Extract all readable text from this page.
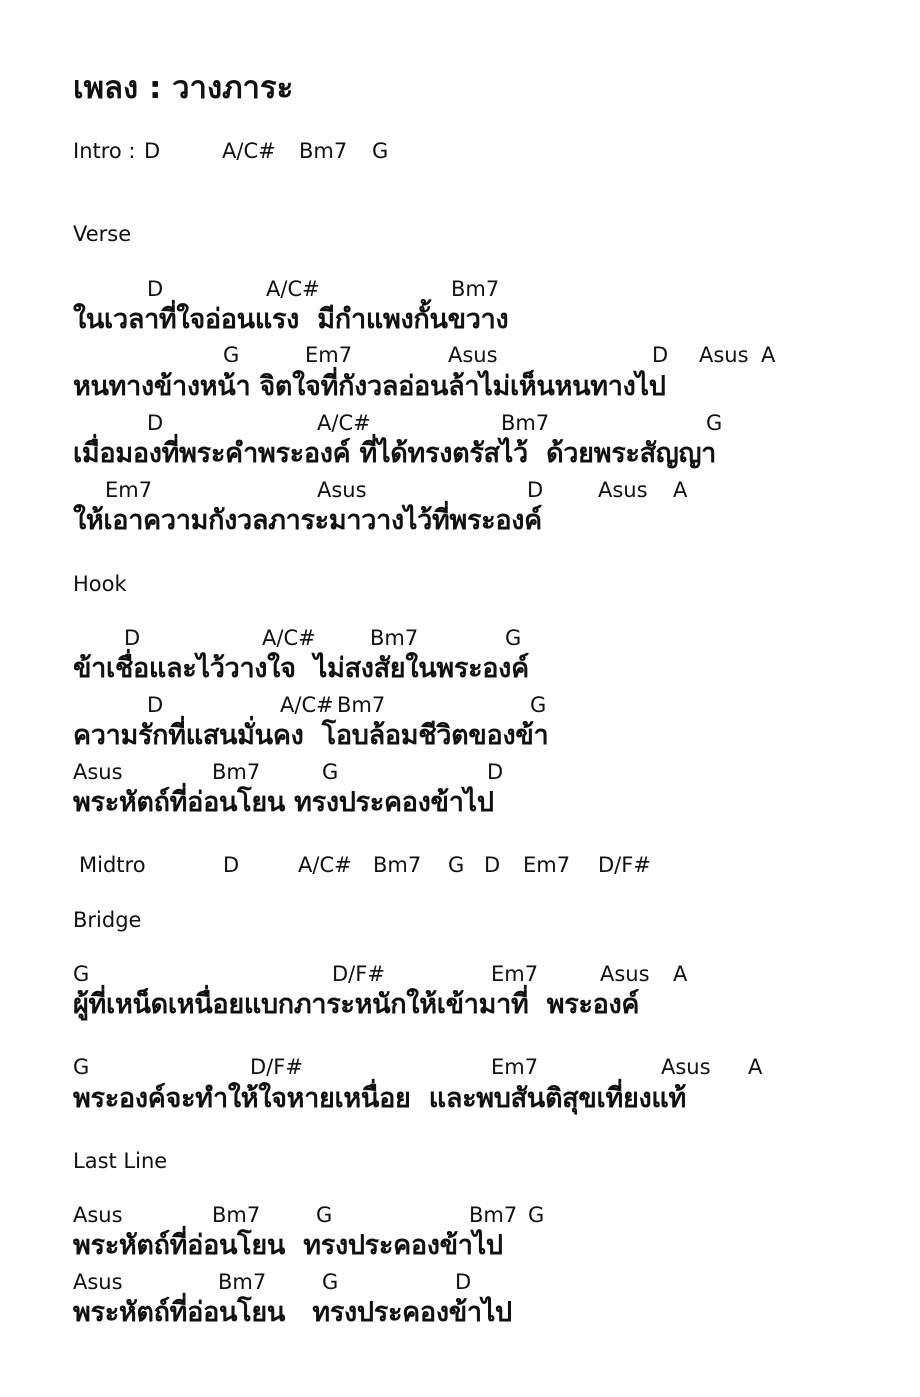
เพลง : วางภาระ
Intro : D	A/C# Bm7 G
Verse
D	A/C#	Bm7
ในเวลาที่ใจอ่อนแรง  มีกำแพงกั้นขวาง
G	Em7	Asus	D Asus A
หนทางข้างหน้า จิตใจที่กังวลอ่อนล้าไม่เห็นหนทางไป
D	A/C#	Bm7	G
เมื่อมองที่พระคำพระองค์ ที่ได้ทรงตรัสไว้  ด้วยพระสัญญา
Em7	Asus	D	Asus A
ให้เอาความกังวลภาระมาวางไว้ที่พระองค์
Hook
D	A/C#	Bm7	G
ข้าเชื่อและไว้วางใจ  ไม่สงสัยในพระองค์
D	A/C# Bm7	G
ความรักที่แสนมั่นคง  โอบล้อมชีวิตของข้า
Asus	Bm7	G	D
พระหัตถ์ที่อ่อนโยน ทรงประคองข้าไป
Midtro	D	A/C# Bm7 G D Em7 D/F#
Bridge
G	D/F#	Em7	Asus A
ผู้ที่เหน็ดเหนื่อยแบกภาระหนักให้เข้ามาที่  พระองค์
G	D/F#	Em7	Asus A
พระองค์จะทำให้ใจหายเหนื่อย  และพบสันติสุขเที่ยงแท้
Last Line
Asus	Bm7	G	Bm7 G
พระหัตถ์ที่อ่อนโยน  ทรงประคองข้าไป
Asus	Bm7	G	D
พระหัตถ์ที่อ่อนโยน   ทรงประคองข้าไป
